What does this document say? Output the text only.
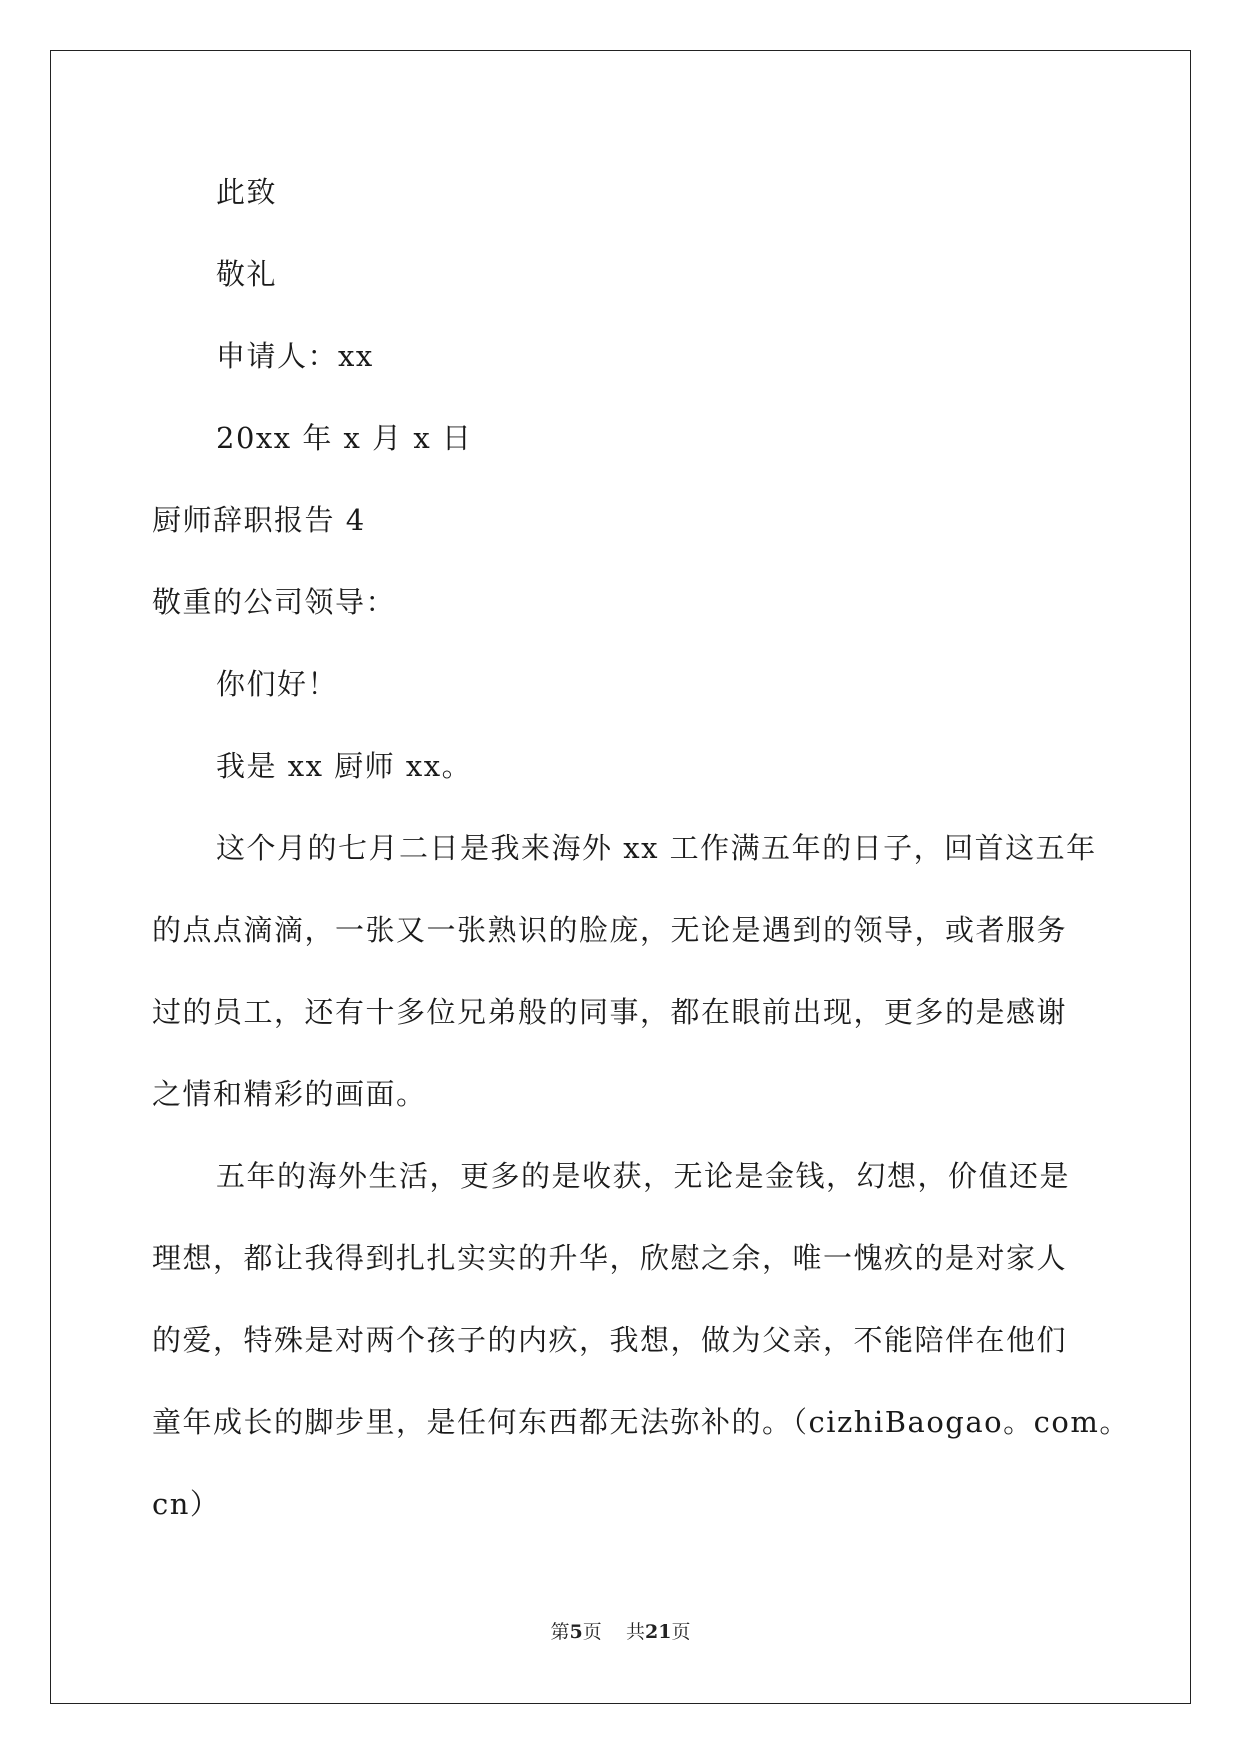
此致
敬礼
申请人：xx
20xx 年 x 月 x 日
厨师辞职报告 4
敬重的公司领导：
你们好！
我是 xx 厨师 xx。
这个月的七月二日是我来海外 xx 工作满五年的日子，回首这五年
的点点滴滴，一张又一张熟识的脸庞，无论是遇到的领导，或者服务
过的员工，还有十多位兄弟般的同事，都在眼前出现，更多的是感谢
之情和精彩的画面。
五年的海外生活，更多的是收获，无论是金钱，幻想，价值还是
理想，都让我得到扎扎实实的升华，欣慰之余，唯一愧疚的是对家人
的爱，特殊是对两个孩子的内疚，我想，做为父亲，不能陪伴在他们
童年成长的脚步里，是任何东西都无法弥补的。（cizhiBaogao。com。
cn）
第5页 共21页
